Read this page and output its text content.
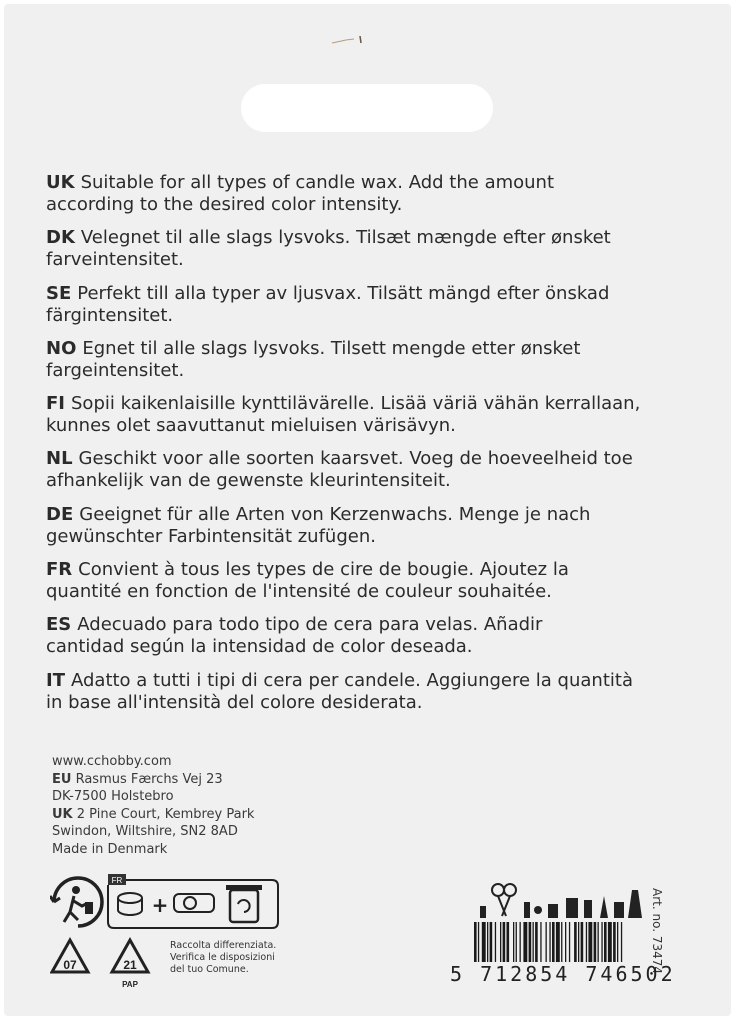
UK Suitable for all types of candle wax. Add the amount
according to the desired color intensity.
DK Velegnet til alle slags lysvoks. Tilsæt mængde efter ønsket
farveintensitet.
SE Perfekt till alla typer av ljusvax. Tilsätt mängd efter önskad
färgintensitet.
NO Egnet til alle slags lysvoks. Tilsett mengde etter ønsket
fargeintensitet.
FI Sopii kaikenlaisille kynttilävärelle. Lisää väriä vähän kerrallaan,
kunnes olet saavuttanut mieluisen värisävyn.
NL Geschikt voor alle soorten kaarsvet. Voeg de hoeveelheid toe
afhankelijk van de gewenste kleurintensiteit.
DE Geeignet für alle Arten von Kerzenwachs. Menge je nach
gewünschter Farbintensität zufügen.
FR Convient à tous les types de cire de bougie. Ajoutez la
quantité en fonction de l'intensité de couleur souhaitée.
ES Adecuado para todo tipo de cera para velas. Añadir
cantidad según la intensidad de color deseada.
IT Adatto a tutti i tipi di cera per candele. Aggiungere la quantità
in base all'intensità del colore desiderata.
www.cchobby.com
EU Rasmus Færchs Vej 23
DK-7500 Holstebro
UK 2 Pine Court, Kembrey Park
Swindon, Wiltshire, SN2 8AD
Made in Denmark
FR
+
07	21
PAP
Raccolta differenziata.
Verifica le disposizioni
del tuo Comune.	Art. no. 73474
5 712854 746502
